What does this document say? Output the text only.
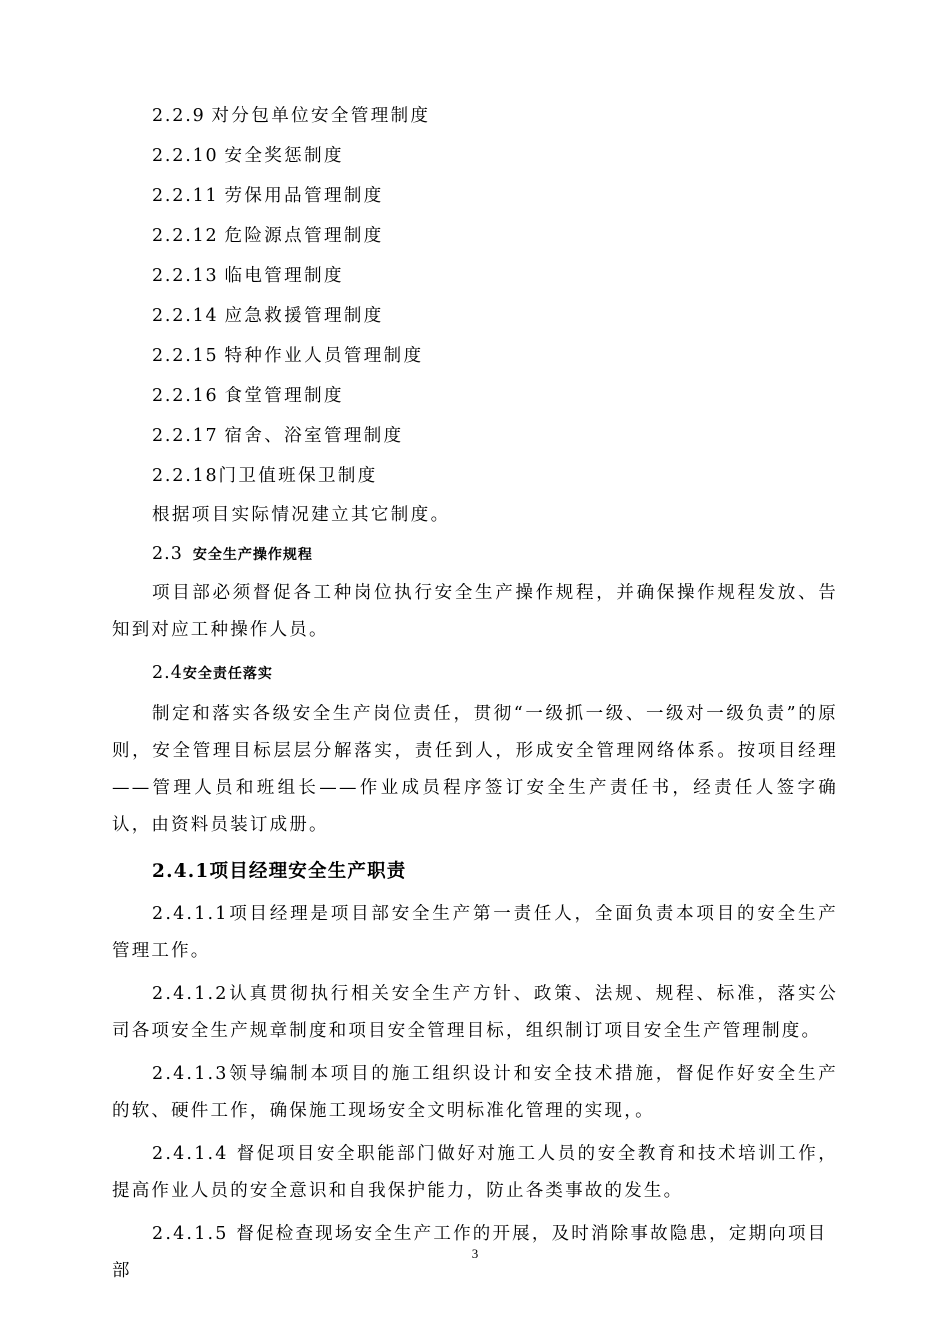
2.2.9 对分包单位安全管理制度
2.2.10 安全奖惩制度
2.2.11 劳保用品管理制度
2.2.12 危险源点管理制度
2.2.13 临电管理制度
2.2.14 应急救援管理制度
2.2.15 特种作业人员管理制度
2.2.16 食堂管理制度
2.2.17 宿舍、浴室管理制度
2.2.18门卫值班保卫制度
根据项目实际情况建立其它制度。
2.3 安全生产操作规程

项目部必须督促各工种岗位执行安全生产操作规程，并确保操作规程发放、告知到对应工种操作人员。

2.4安全责任落实

制定和落实各级安全生产岗位责任，贯彻“一级抓一级、一级对一级负责”的原则，安全管理目标层层分解落实，责任到人，形成安全管理网络体系。按项目经理——管理人员和班组长——作业成员程序签订安全生产责任书，经责任人签字确认，由资料员装订成册。

2.4.1项目经理安全生产职责

2.4.1.1项目经理是项目部安全生产第一责任人，全面负责本项目的安全生产管理工作。

2.4.1.2认真贯彻执行相关安全生产方针、政策、法规、规程、标准，落实公司各项安全生产规章制度和项目安全管理目标，组织制订项目安全生产管理制度。

2.4.1.3领导编制本项目的施工组织设计和安全技术措施，督促作好安全生产的软、硬件工作，确保施工现场安全文明标准化管理的实现，。

2.4.1.4 督促项目安全职能部门做好对施工人员的安全教育和技术培训工作，提高作业人员的安全意识和自我保护能力，防止各类事故的发生。

2.4.1.5 督促检查现场安全生产工作的开展，及时消除事故隐患，定期向项目部

3
